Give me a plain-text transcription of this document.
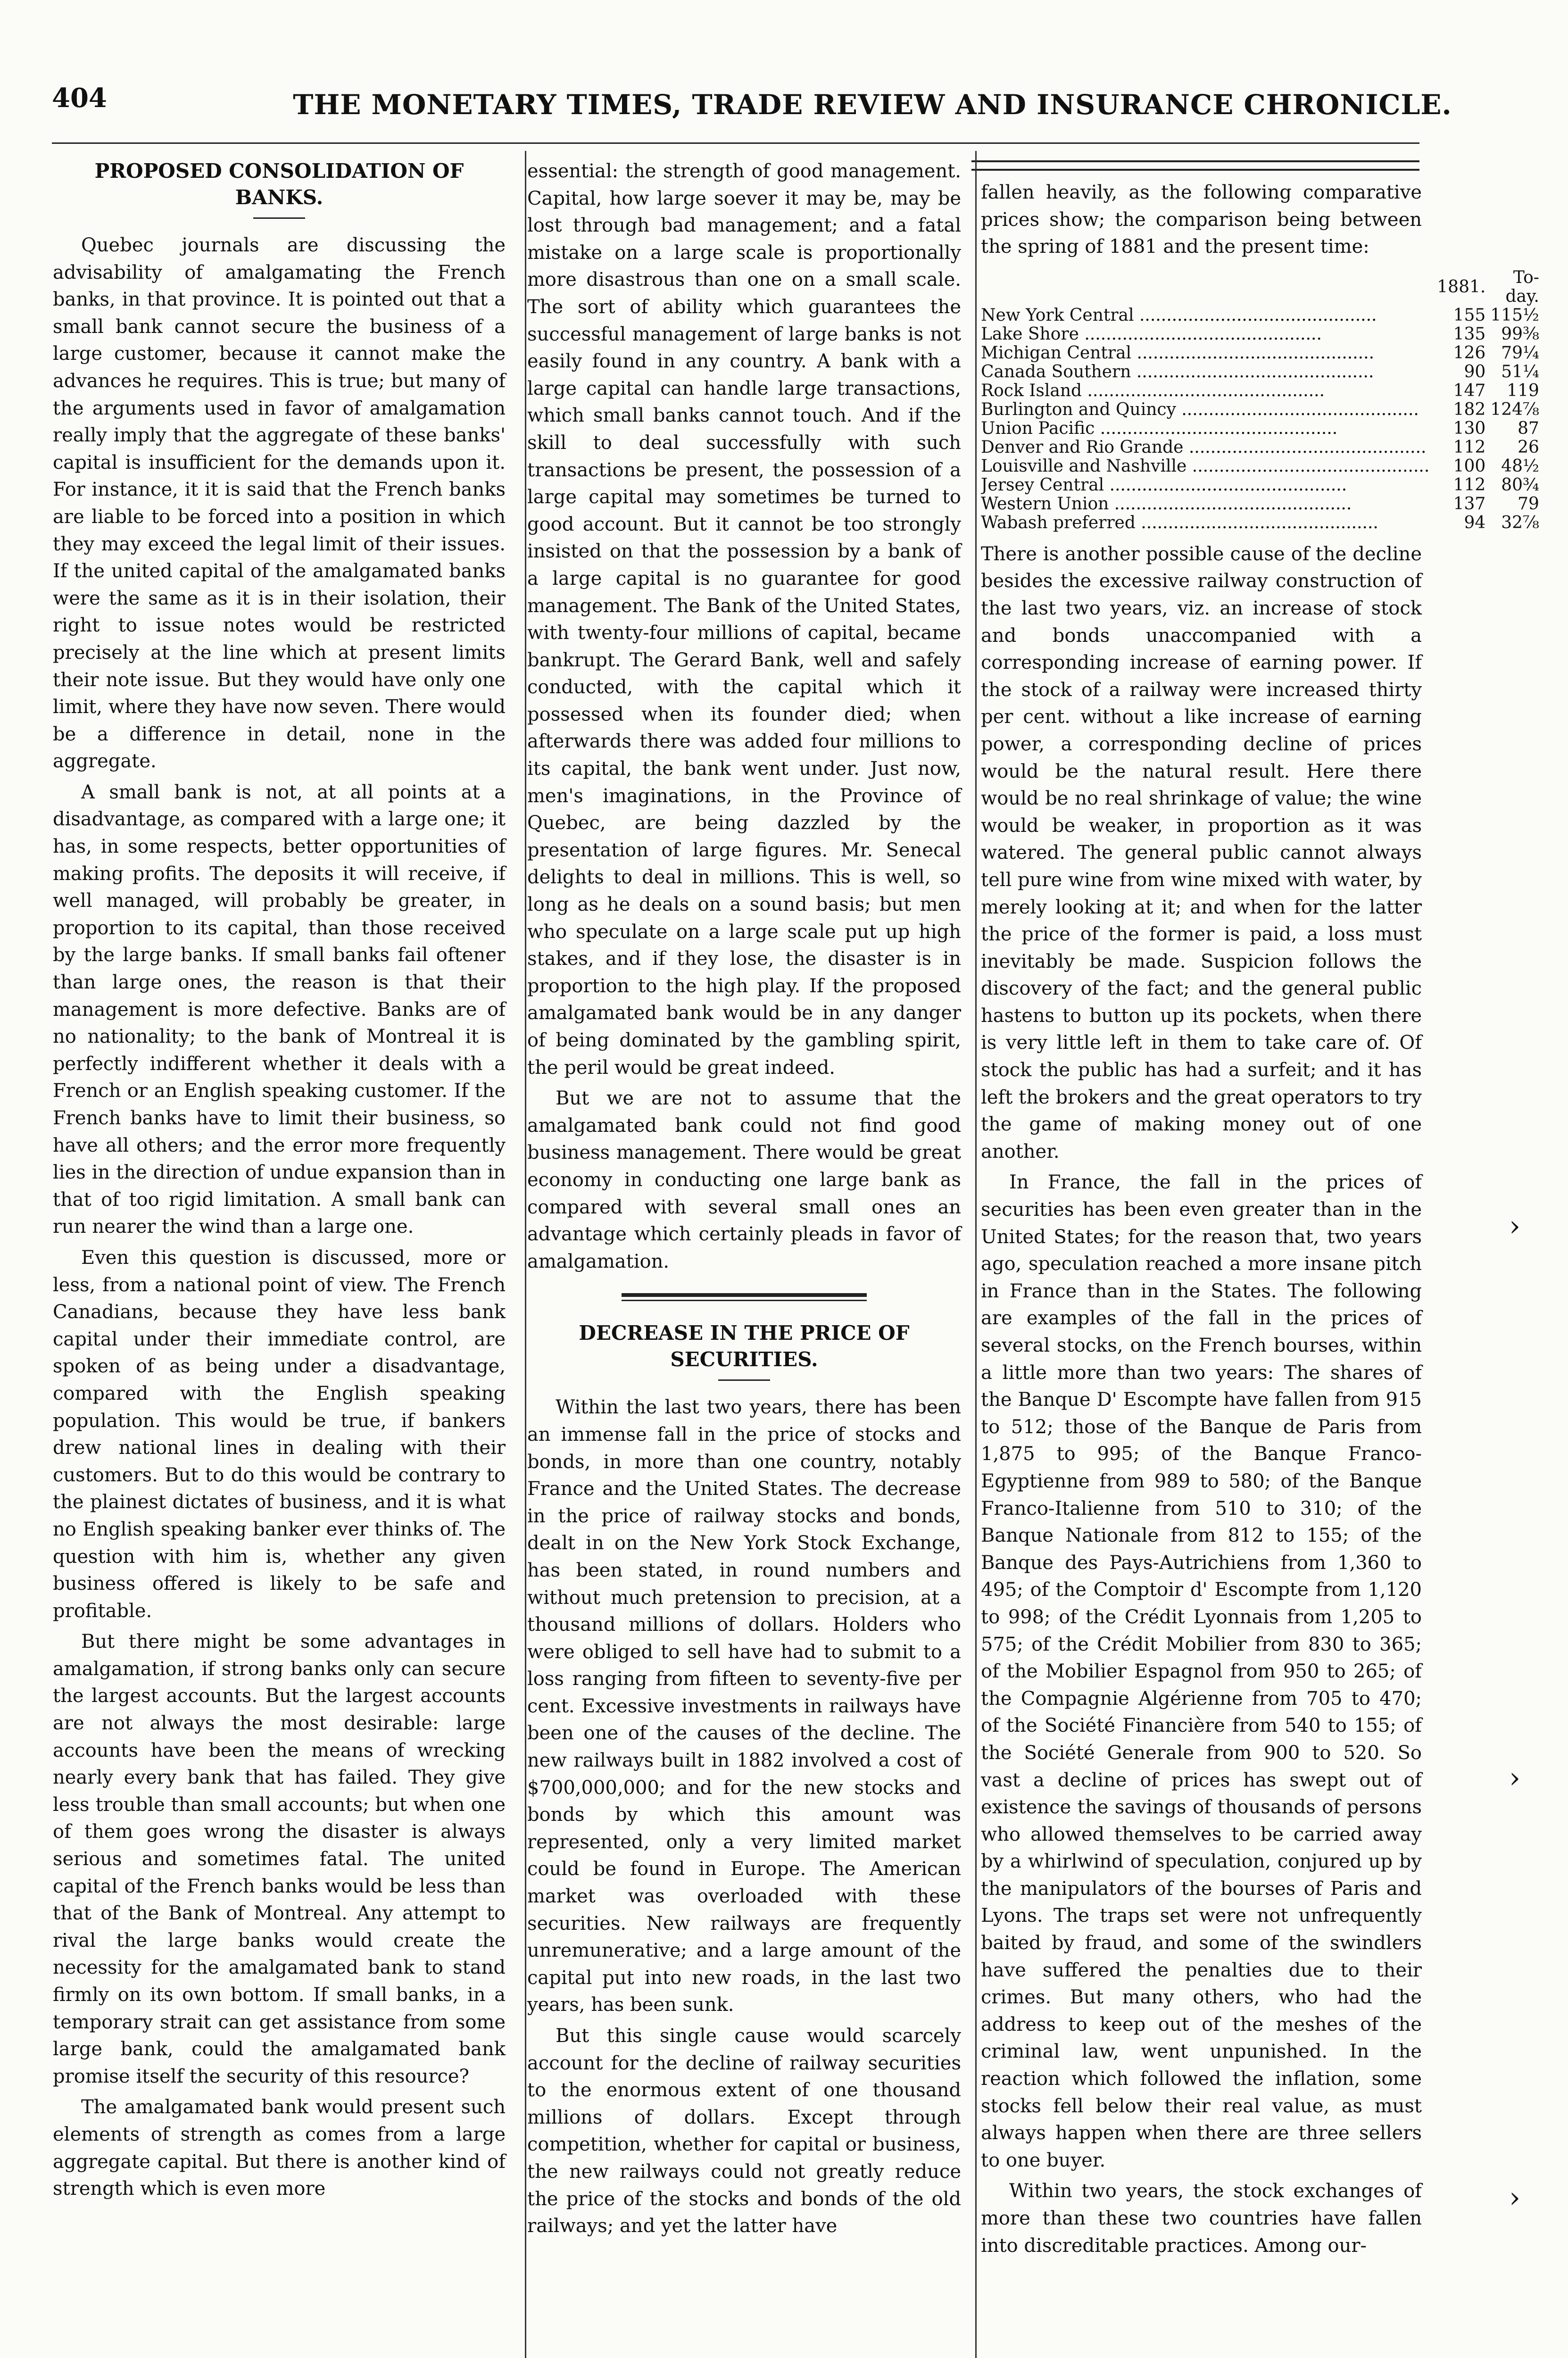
404	THE MONETARY TIMES, TRADE REVIEW AND INSURANCE CHRONICLE.

PROPOSED CONSOLIDATION OF BANKS.

Quebec journals are discussing the advisability of amalgamating the French banks, in that province. It is pointed out that a small bank cannot secure the business of a large customer, because it cannot make the advances he requires. This is true; but many of the arguments used in favor of amalgamation really imply that the aggregate of these banks' capital is insufficient for the demands upon it. For instance, it it is said that the French banks are liable to be forced into a position in which they may exceed the legal limit of their issues. If the united capital of the amalgamated banks were the same as it is in their isolation, their right to issue notes would be restricted precisely at the line which at present limits their note issue. But they would have only one limit, where they have now seven. There would be a difference in detail, none in the aggregate.

A small bank is not, at all points at a disadvantage, as compared with a large one; it has, in some respects, better opportunities of making profits. The deposits it will receive, if well managed, will probably be greater, in proportion to its capital, than those received by the large banks. If small banks fail oftener than large ones, the reason is that their management is more defective. Banks are of no nationality; to the bank of Montreal it is perfectly indifferent whether it deals with a French or an English speaking customer. If the French banks have to limit their business, so have all others; and the error more frequently lies in the direction of undue expansion than in that of too rigid limitation. A small bank can run nearer the wind than a large one.

Even this question is discussed, more or less, from a national point of view. The French Canadians, because they have less bank capital under their immediate control, are spoken of as being under a disadvantage, compared with the English speaking population. This would be true, if bankers drew national lines in dealing with their customers. But to do this would be contrary to the plainest dictates of business, and it is what no English speaking banker ever thinks of. The question with him is, whether any given business offered is likely to be safe and profitable.

But there might be some advantages in amalgamation, if strong banks only can secure the largest accounts. But the largest accounts are not always the most desirable: large accounts have been the means of wrecking nearly every bank that has failed. They give less trouble than small accounts; but when one of them goes wrong the disaster is always serious and sometimes fatal. The united capital of the French banks would be less than that of the Bank of Montreal. Any attempt to rival the large banks would create the necessity for the amalgamated bank to stand firmly on its own bottom. If small banks, in a temporary strait can get assistance from some large bank, could the amalgamated bank promise itself the security of this resource?

The amalgamated bank would present such elements of strength as comes from a large aggregate capital. But there is another kind of strength which is even more

essential: the strength of good management. Capital, how large soever it may be, may be lost through bad management; and a fatal mistake on a large scale is proportionally more disastrous than one on a small scale. The sort of ability which guarantees the successful management of large banks is not easily found in any country. A bank with a large capital can handle large transactions, which small banks cannot touch. And if the skill to deal successfully with such transactions be present, the possession of a large capital may sometimes be turned to good account. But it cannot be too strongly insisted on that the possession by a bank of a large capital is no guarantee for good management. The Bank of the United States, with twenty-four millions of capital, became bankrupt. The Gerard Bank, well and safely conducted, with the capital which it possessed when its founder died; when afterwards there was added four millions to its capital, the bank went under. Just now, men's imaginations, in the Province of Quebec, are being dazzled by the presentation of large figures. Mr. Senecal delights to deal in millions. This is well, so long as he deals on a sound basis; but men who speculate on a large scale put up high stakes, and if they lose, the disaster is in proportion to the high play. If the proposed amalgamated bank would be in any danger of being dominated by the gambling spirit, the peril would be great indeed.

But we are not to assume that the amalgamated bank could not find good business management. There would be great economy in conducting one large bank as compared with several small ones an advantage which certainly pleads in favor of amalgamation.

DECREASE IN THE PRICE OF SECURITIES.

Within the last two years, there has been an immense fall in the price of stocks and bonds, in more than one country, notably France and the United States. The decrease in the price of railway stocks and bonds, dealt in on the New York Stock Exchange, has been stated, in round numbers and without much pretension to precision, at a thousand millions of dollars. Holders who were obliged to sell have had to submit to a loss ranging from fifteen to seventy-five per cent. Excessive investments in railways have been one of the causes of the decline. The new railways built in 1882 involved a cost of $700,000,000; and for the new stocks and bonds by which this amount was represented, only a very limited market could be found in Europe. The American market was overloaded with these securities. New railways are frequently unremunerative; and a large amount of the capital put into new roads, in the last two years, has been sunk.

But this single cause would scarcely account for the decline of railway securities to the enormous extent of one thousand millions of dollars. Except through competition, whether for capital or business, the new railways could not greatly reduce the price of the stocks and bonds of the old railways; and yet the latter have

fallen heavily, as the following comparative prices show; the comparison being between the spring of 1881 and the present time:

	1881.	To-day.

New York Central .....	155	115½

Lake Shore .....	135	99⅜

Michigan Central .....	126	79¼

Canada Southern .....	90	51¼

Rock Island .....	147	119

Burlington and Quincy .....	182	124⅞

Union Pacific .....	130	87

Denver and Rio Grande .....	112	26

Louisville and Nashville .....	100	48½

Jersey Central .....	112	80¾

Western Union .....	137	79

Wabash preferred .....	94	32⅞

There is another possible cause of the decline besides the excessive railway construction of the last two years, viz. an increase of stock and bonds unaccompanied with a corresponding increase of earning power. If the stock of a railway were increased thirty per cent. without a like increase of earning power, a corresponding decline of prices would be the natural result. Here there would be no real shrinkage of value; the wine would be weaker, in proportion as it was watered. The general public cannot always tell pure wine from wine mixed with water, by merely looking at it; and when for the latter the price of the former is paid, a loss must inevitably be made. Suspicion follows the discovery of the fact; and the general public hastens to button up its pockets, when there is very little left in them to take care of. Of stock the public has had a surfeit; and it has left the brokers and the great operators to try the game of making money out of one another.

In France, the fall in the prices of securities has been even greater than in the United States; for the reason that, two years ago, speculation reached a more insane pitch in France than in the States. The following are examples of the fall in the prices of several stocks, on the French bourses, within a little more than two years: The shares of the Banque D' Escompte have fallen from 915 to 512; those of the Banque de Paris from 1,875 to 995; of the Banque Franco-Egyptienne from 989 to 580; of the Banque Franco-Italienne from 510 to 310; of the Banque Nationale from 812 to 155; of the Banque des Pays-Autrichiens from 1,360 to 495; of the Comptoir d' Escompte from 1,120 to 998; of the Crédit Lyonnais from 1,205 to 575; of the Crédit Mobilier from 830 to 365; of the Mobilier Espagnol from 950 to 265; of the Compagnie Algérienne from 705 to 470; of the Société Financière from 540 to 155; of the Société Generale from 900 to 520. So vast a decline of prices has swept out of existence the savings of thousands of persons who allowed themselves to be carried away by a whirlwind of speculation, conjured up by the manipulators of the bourses of Paris and Lyons. The traps set were not unfrequently baited by fraud, and some of the swindlers have suffered the penalties due to their crimes. But many others, who had the address to keep out of the meshes of the criminal law, went unpunished. In the reaction which followed the inflation, some stocks fell below their real value, as must always happen when there are three sellers to one buyer.

Within two years, the stock exchanges of more than these two countries have fallen into discreditable practices. Among our-

›
›
›
